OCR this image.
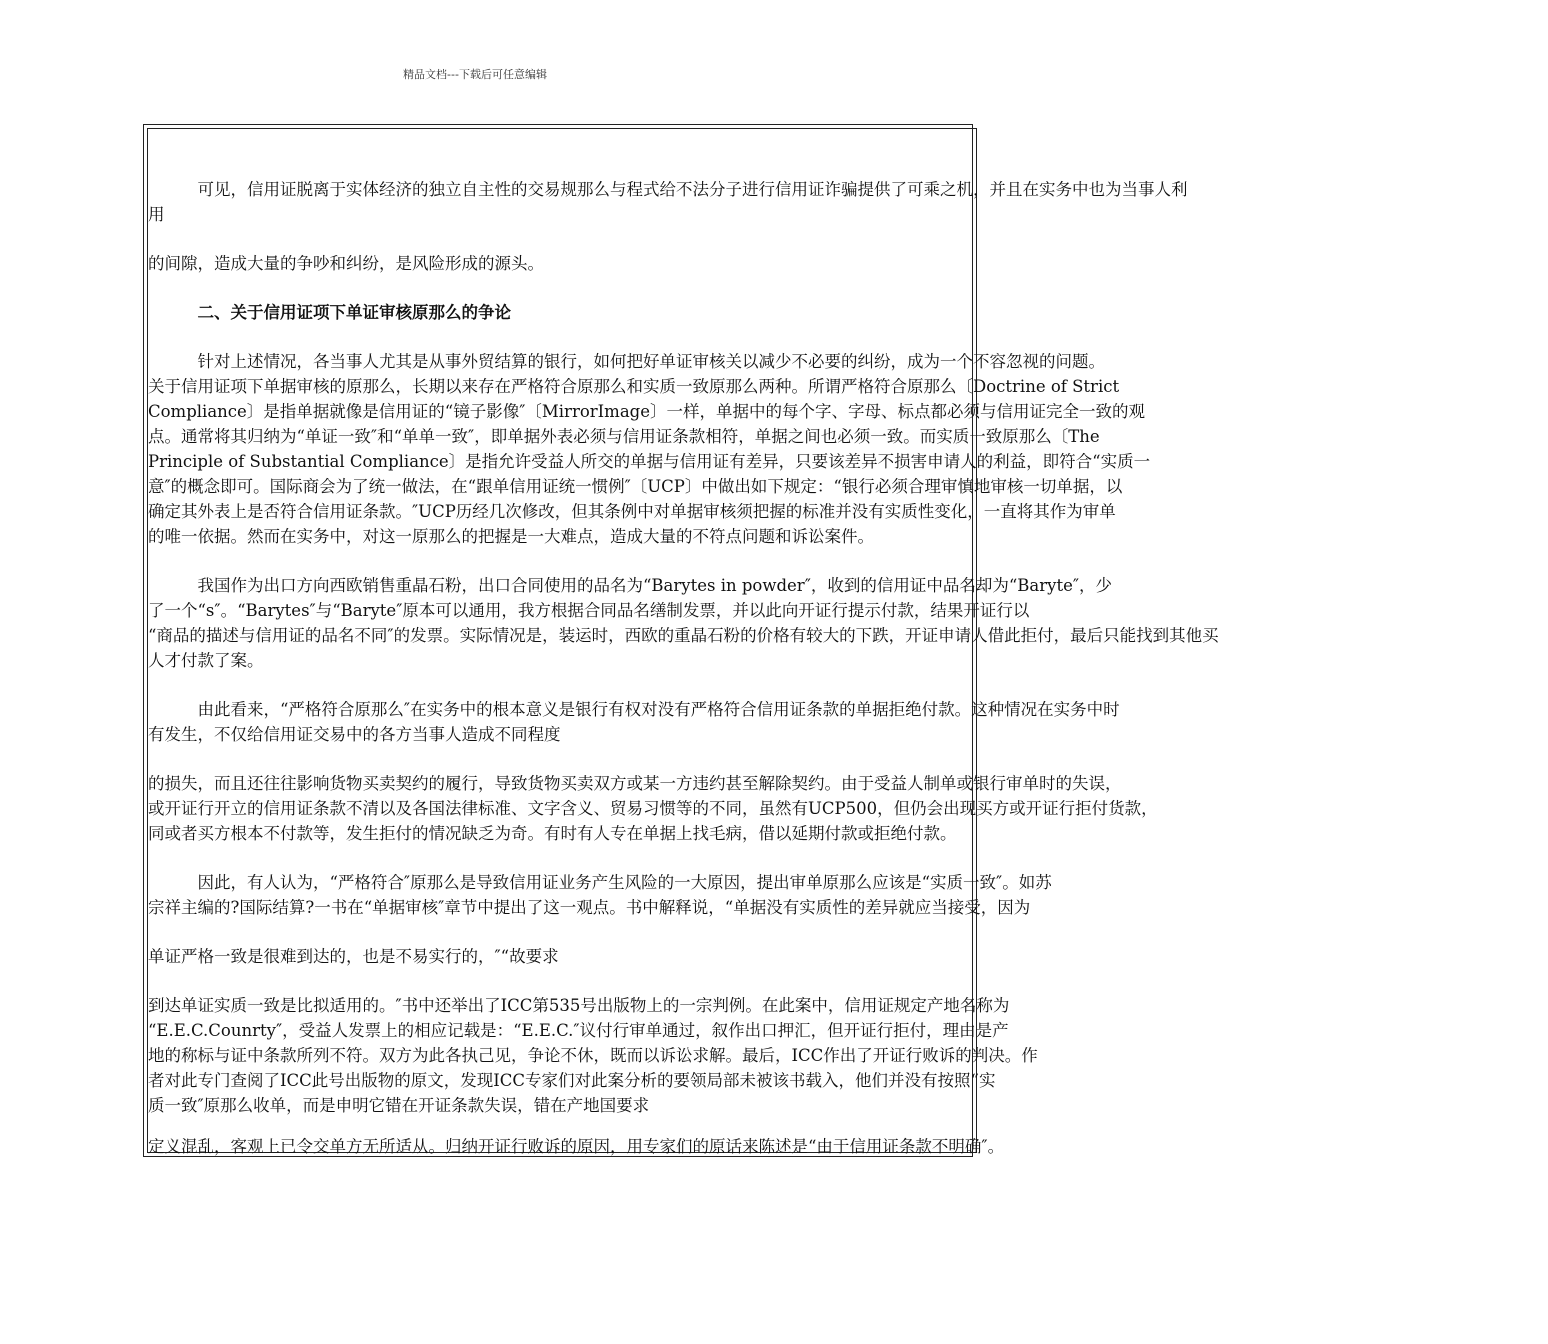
精品文档---下载后可任意编辑
　　　可见，信用证脱离于实体经济的独立自主性的交易规那么与程式给不法分子进行信用证诈骗提供了可乘之机，并且在实务中也为当事人利
用
的间隙，造成大量的争吵和纠纷，是风险形成的源头。
　　　二、关于信用证项下单证审核原那么的争论
　　　针对上述情况，各当事人尤其是从事外贸结算的银行，如何把好单证审核关以减少不必要的纠纷，成为一个不容忽视的问题。
关于信用证项下单据审核的原那么，长期以来存在严格符合原那么和实质一致原那么两种。所谓严格符合原那么〔Doctrine of Strict
Compliance〕是指单据就像是信用证的“镜子影像″〔MirrorImage〕一样，单据中的每个字、字母、标点都必须与信用证完全一致的观
点。通常将其归纳为“单证一致″和“单单一致″，即单据外表必须与信用证条款相符，单据之间也必须一致。而实质一致原那么〔The
Principle of Substantial Compliance〕是指允许受益人所交的单据与信用证有差异，只要该差异不损害申请人的利益，即符合“实质一
意″的概念即可。国际商会为了统一做法，在“跟单信用证统一惯例″〔UCP〕中做出如下规定：“银行必须合理审慎地审核一切单据，以
确定其外表上是否符合信用证条款。″UCP历经几次修改，但其条例中对单据审核须把握的标准并没有实质性变化，一直将其作为审单
的唯一依据。然而在实务中，对这一原那么的把握是一大难点，造成大量的不符点问题和诉讼案件。
　　　我国作为出口方向西欧销售重晶石粉，出口合同使用的品名为“Barytes in powder″，收到的信用证中品名却为“Baryte″，少
了一个“s″。“Barytes″与“Baryte″原本可以通用，我方根据合同品名缮制发票，并以此向开证行提示付款，结果开证行以
“商品的描述与信用证的品名不同″的发票。实际情况是，装运时，西欧的重晶石粉的价格有较大的下跌，开证申请人借此拒付，最后只能找到其他买
人才付款了案。
　　　由此看来，“严格符合原那么″在实务中的根本意义是银行有权对没有严格符合信用证条款的单据拒绝付款。这种情况在实务中时
有发生，不仅给信用证交易中的各方当事人造成不同程度
的损失，而且还往往影响货物买卖契约的履行，导致货物买卖双方或某一方违约甚至解除契约。由于受益人制单或银行审单时的失误，
或开证行开立的信用证条款不清以及各国法律标准、文字含义、贸易习惯等的不同，虽然有UCP500，但仍会出现买方或开证行拒付货款，
同或者买方根本不付款等，发生拒付的情况缺乏为奇。有时有人专在单据上找毛病，借以延期付款或拒绝付款。
　　　因此，有人认为，“严格符合″原那么是导致信用证业务产生风险的一大原因，提出审单原那么应该是“实质一致″。如苏
宗祥主编的?国际结算?一书在“单据审核″章节中提出了这一观点。书中解释说，“单据没有实质性的差异就应当接受，因为
单证严格一致是很难到达的，也是不易实行的，″“故要求
到达单证实质一致是比拟适用的。″书中还举出了ICC第535号出版物上的一宗判例。在此案中，信用证规定产地名称为
“E.E.C.Counrty″，受益人发票上的相应记载是：“E.E.C.″议付行审单通过，叙作出口押汇，但开证行拒付，理由是产
地的称标与证中条款所列不符。双方为此各执己见，争论不休，既而以诉讼求解。最后，ICC作出了开证行败诉的判决。作
者对此专门查阅了ICC此号出版物的原文，发现ICC专家们对此案分析的要领局部未被该书载入，他们并没有按照“实
质一致″原那么收单，而是申明它错在开证条款失误，错在产地国要求
定义混乱，客观上已令交单方无所适从。归纳开证行败诉的原因，用专家们的原话来陈述是“由于信用证条款不明确″。
